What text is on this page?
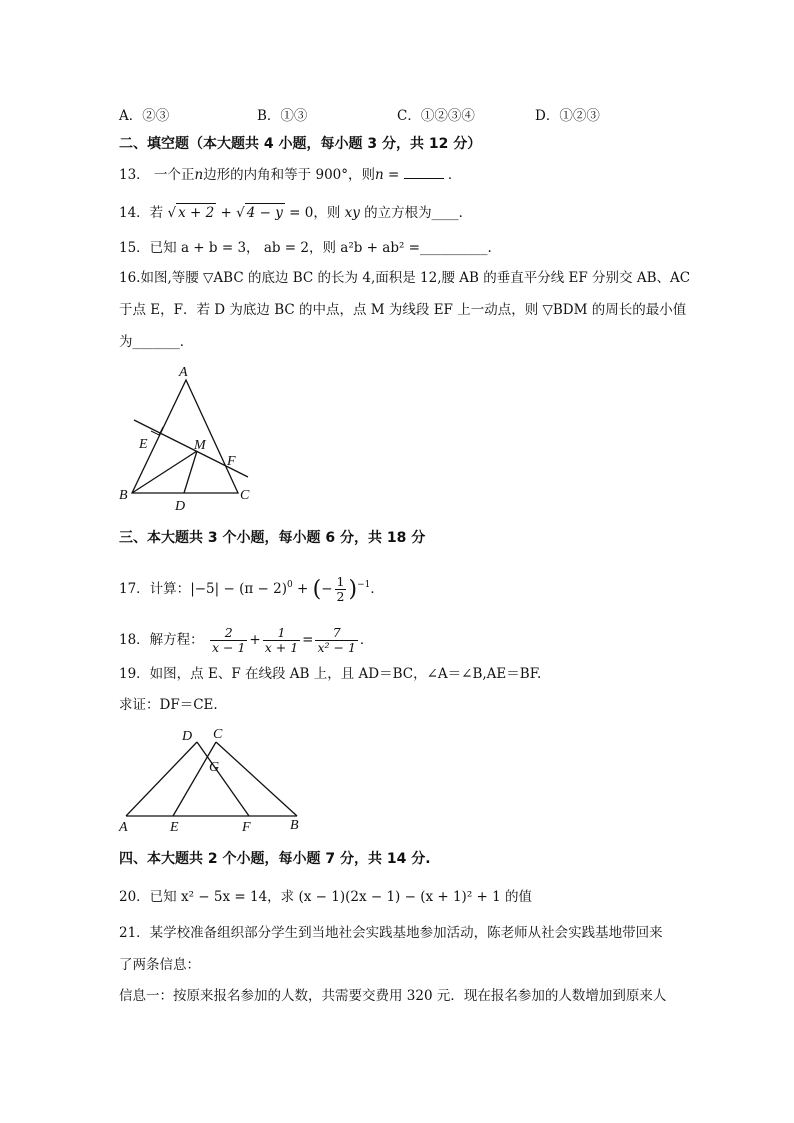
A．②③	B．①③	C．①②③④	D．①②③
二、填空题（本大题共 4 小题，每小题 3 分，共 12 分）
13． 一个正n边形的内角和等于 900°，则n =	．
14．若 √ x + 2 + √ 4 − y = 0，则 xy 的立方根为____．
15．已知 a + b = 3， ab = 2，则 a²b + ab² =__________.
16.如图,等腰 ▽ABC 的底边 BC 的长为 4,面积是 12,腰 AB 的垂直平分线 EF 分别交 AB、AC
于点 E，F．若 D 为底边 BC 的中点，点 M 为线段 EF 上一动点，则 ▽BDM 的周长的最小值
为_______．
A
E	M
F
B
D
C
三、本大题共 3 个小题，每小题 6 分，共 18 分
17．计算：$|-5| - (\pi - 2)^0$ + (− $\frac{1}{2} )^{-1}$．
18．解方程： $\frac{2}{x - 1} + \frac{1}{x + 1} = \frac{7}{\text{x² − 1}}$ ．
19．如图，点 E、F 在线段 AB 上，且 AD＝BC，∠A＝∠B,AE＝BF.
求证：DF＝CE.
D C
G
A	E	F	B
四、本大题共 2 个小题，每小题 7 分，共 14 分.
20．已知 x² − 5x = 14，求 (x − 1)(2x − 1) − (x + 1)² + 1 的值
21．某学校准备组织部分学生到当地社会实践基地参加活动，陈老师从社会实践基地带回来
了两条信息：
信息一：按原来报名参加的人数，共需要交费用 320 元．现在报名参加的人数增加到原来人
